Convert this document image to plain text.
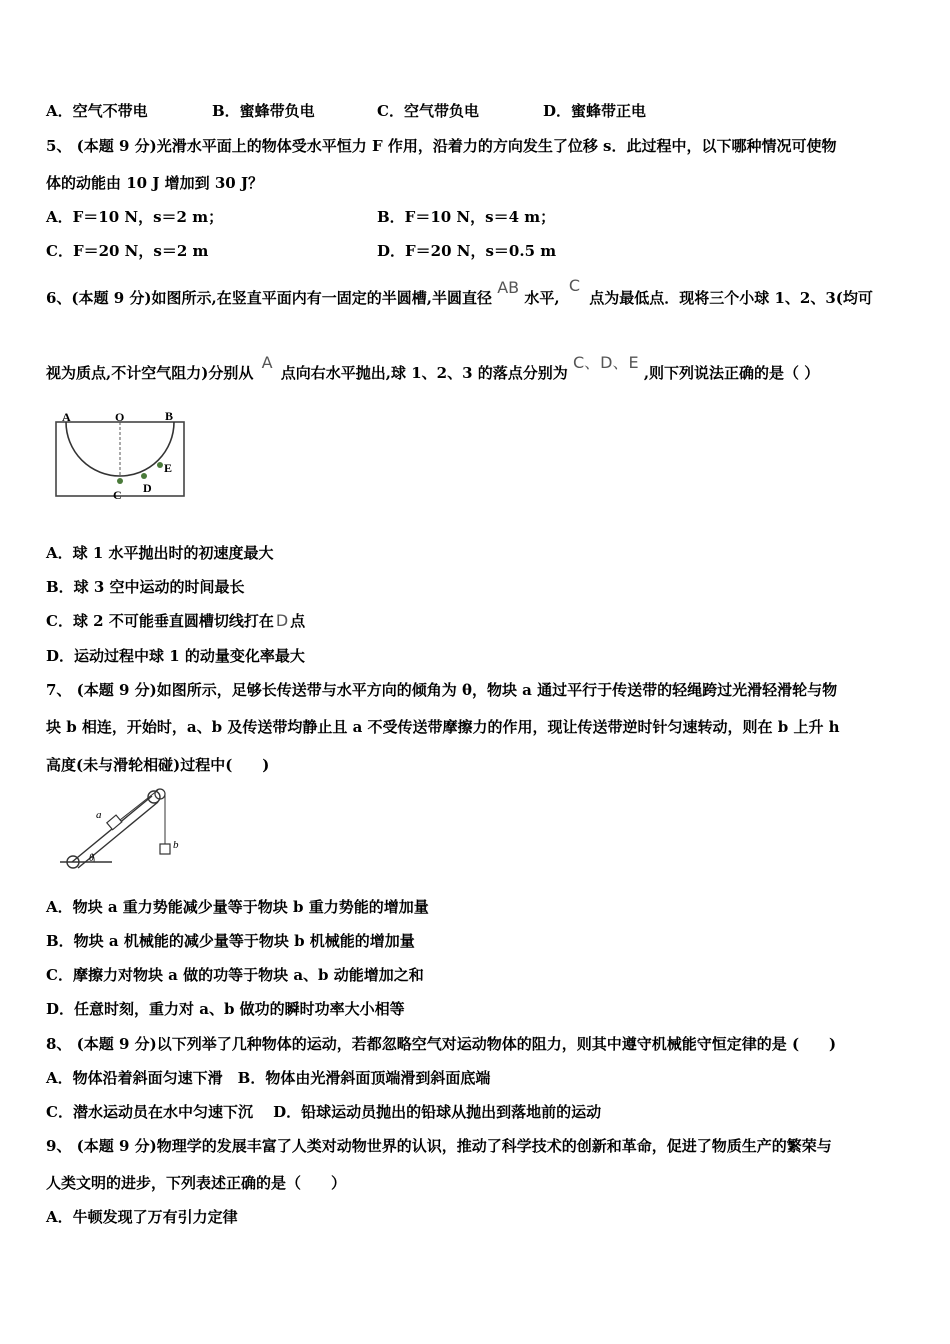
A．空气不带电	B．蜜蜂带负电	C．空气带负电	D．蜜蜂带正电
5、 (本题 9 分)光滑水平面上的物体受水平恒力 F 作用，沿着力的方向发生了位移 s．此过程中，以下哪种情况可使物
体的动能由 10 J 增加到 30 J？
A．F＝10 N，s＝2 m；	B．F＝10 N，s＝4 m；
C．F＝20 N，s＝2 m	D．F＝20 N，s＝0.5 m
6、(本题 9 分)如图所示,在竖直平面内有一固定的半圆槽,半圆直径 AB 水平, C 点为最低点．现将三个小球 1、2、3(均可
视为质点,不计空气阻力)分别从 A 点向右水平抛出,球 1、2、3 的落点分别为 C、D、E ,则下列说法正确的是（ ）
A	O	B
C D
E
A．球 1 水平抛出时的初速度最大
B．球 3 空中运动的时间最长
C．球 2 不可能垂直圆槽切线打在 D 点
D．运动过程中球 1 的动量变化率最大
7、 (本题 9 分)如图所示，足够长传送带与水平方向的倾角为 θ，物块 a 通过平行于传送带的轻绳跨过光滑轻滑轮与物
块 b 相连，开始时，a、b 及传送带均静止且 a 不受传送带摩擦力的作用，现让传送带逆时针匀速转动，则在 b 上升 h
高度(未与滑轮相碰)过程中(　　)
a
b
θ
A．物块 a 重力势能减少量等于物块 b 重力势能的增加量
B．物块 a 机械能的减少量等于物块 b 机械能的增加量
C．摩擦力对物块 a 做的功等于物块 a、b 动能增加之和
D．任意时刻，重力对 a、b 做功的瞬时功率大小相等
8、 (本题 9 分)以下列举了几种物体的运动，若都忽略空气对运动物体的阻力，则其中遵守机械能守恒定律的是 (　　)
A．物体沿着斜面匀速下滑　B．物体由光滑斜面顶端滑到斜面底端
C．潜水运动员在水中匀速下沉　 D．铅球运动员抛出的铅球从抛出到落地前的运动
9、 (本题 9 分)物理学的发展丰富了人类对动物世界的认识，推动了科学技术的创新和革命，促进了物质生产的繁荣与
人类文明的进步，下列表述正确的是（　　）
A．牛顿发现了万有引力定律
